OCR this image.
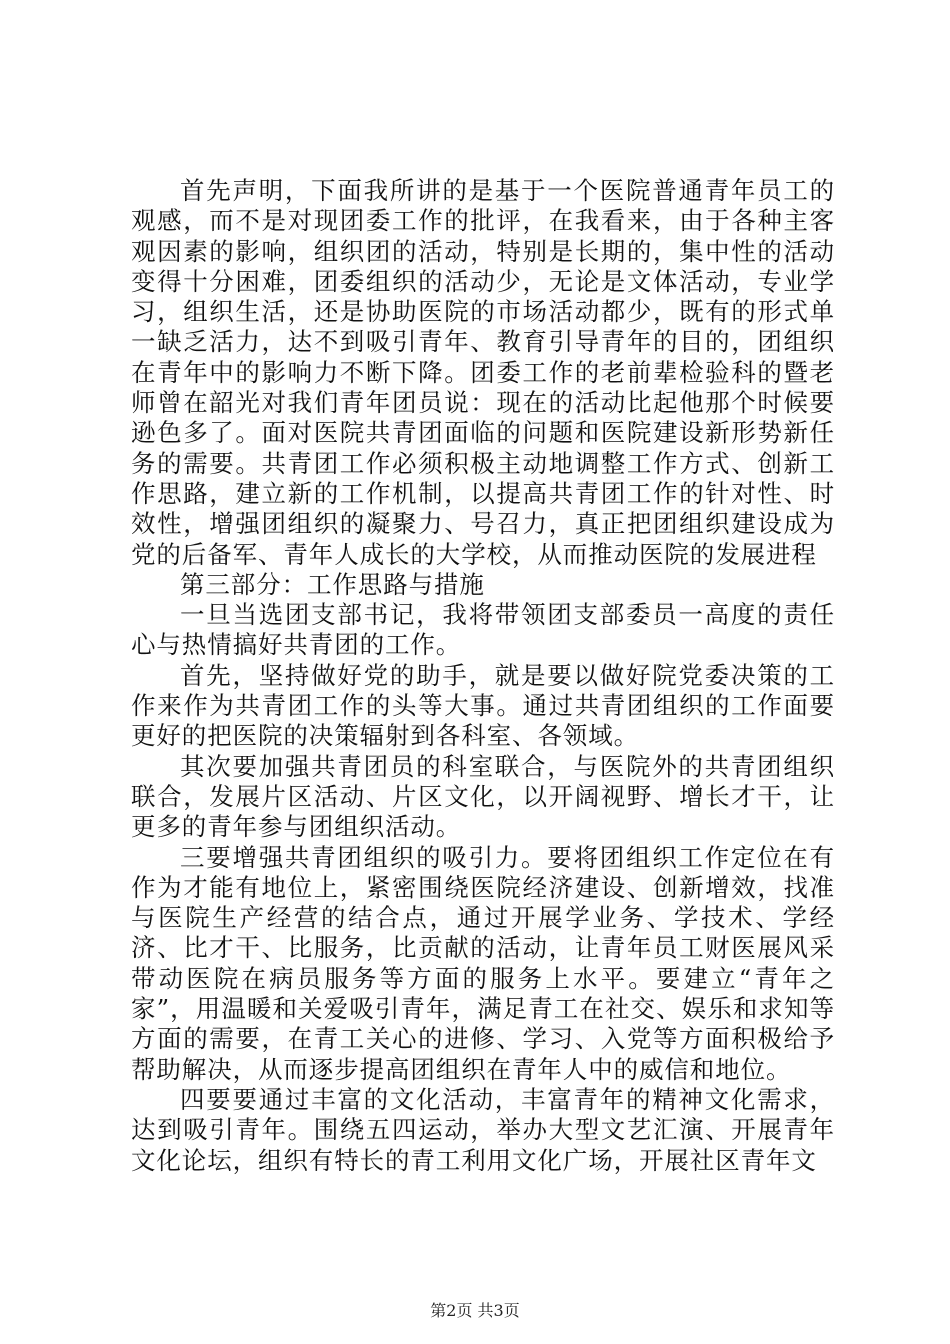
首先声明，下面我所讲的是基于一个医院普通青年员工的观感，而不是对现团委工作的批评，在我看来，由于各种主客观因素的影响，组织团的活动，特别是长期的，集中性的活动变得十分困难，团委组织的活动少，无论是文体活动，专业学习，组织生活，还是协助医院的市场活动都少，既有的形式单一缺乏活力，达不到吸引青年、教育引导青年的目的，团组织在青年中的影响力不断下降。团委工作的老前辈检验科的暨老师曾在韶光对我们青年团员说：现在的活动比起他那个时候要逊色多了。面对医院共青团面临的问题和医院建设新形势新任务的需要。共青团工作必须积极主动地调整工作方式、创新工作思路，建立新的工作机制，以提高共青团工作的针对性、时效性，增强团组织的凝聚力、号召力，真正把团组织建设成为党的后备军、青年人成长的大学校，从而推动医院的发展进程

第三部分：工作思路与措施

一旦当选团支部书记，我将带领团支部委员一高度的责任心与热情搞好共青团的工作。

首先，坚持做好党的助手，就是要以做好院党委决策的工作来作为共青团工作的头等大事。通过共青团组织的工作面要更好的把医院的决策辐射到各科室、各领域。

其次要加强共青团员的科室联合，与医院外的共青团组织联合，发展片区活动、片区文化，以开阔视野、增长才干，让更多的青年参与团组织活动。

三要增强共青团组织的吸引力。要将团组织工作定位在有作为才能有地位上，紧密围绕医院经济建设、创新增效，找准与医院生产经营的结合点，通过开展学业务、学技术、学经济、比才干、比服务，比贡献的活动，让青年员工财医展风采带动医院在病员服务等方面的服务上水平。要建立“青年之家”，用温暖和关爱吸引青年，满足青工在社交、娱乐和求知等方面的需要，在青工关心的进修、学习、入党等方面积极给予帮助解决，从而逐步提高团组织在青年人中的威信和地位。

四要要通过丰富的文化活动，丰富青年的精神文化需求，达到吸引青年。围绕五四运动，举办大型文艺汇演、开展青年文化论坛，组织有特长的青工利用文化广场，开展社区青年文

第2页 共3页
